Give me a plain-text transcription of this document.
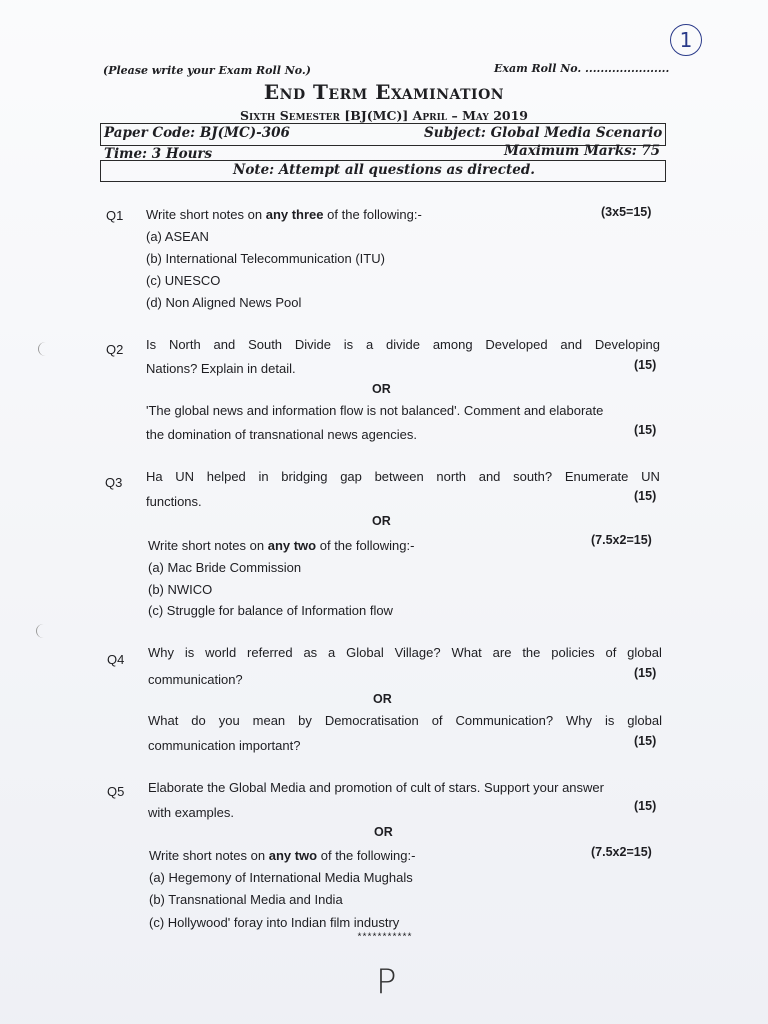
1
(Please write your Exam Roll No.)	Exam Roll No. ......................
End Term Examination
Sixth Semester [BJ(MC)] April – May 2019
Paper Code: BJ(MC)-306	Subject: Global Media Scenario
Time: 3 Hours	Maximum Marks: 75
Note: Attempt all questions as directed.
Q1 Write short notes on any three of the following:-	(3x5=15)
(a) ASEAN
(b) International Telecommunication (ITU)
(c) UNESCO
(d) Non Aligned News Pool
Q2 Is North and South Divide is a divide among Developed and Developing
Nations? Explain in detail.	(15)
OR
'The global news and information flow is not balanced'. Comment and elaborate
the domination of transnational news agencies.	(15)
Q3 Ha UN helped in bridging gap between north and south? Enumerate UN
functions.	(15)
OR
Write short notes on any two of the following:-	(7.5x2=15)
(a) Mac Bride Commission
(b) NWICO
(c) Struggle for balance of Information flow
Q4 Why is world referred as a Global Village? What are the policies of global
communication?	(15)
OR
What do you mean by Democratisation of Communication? Why is global
communication important?	(15)
Q5 Elaborate the Global Media and promotion of cult of stars. Support your answer
with examples.	(15)
OR
Write short notes on any two of the following:-	(7.5x2=15)
(a) Hegemony of International Media Mughals
(b) Transnational Media and India
(c) Hollywood' foray into Indian film industry
***********
P
